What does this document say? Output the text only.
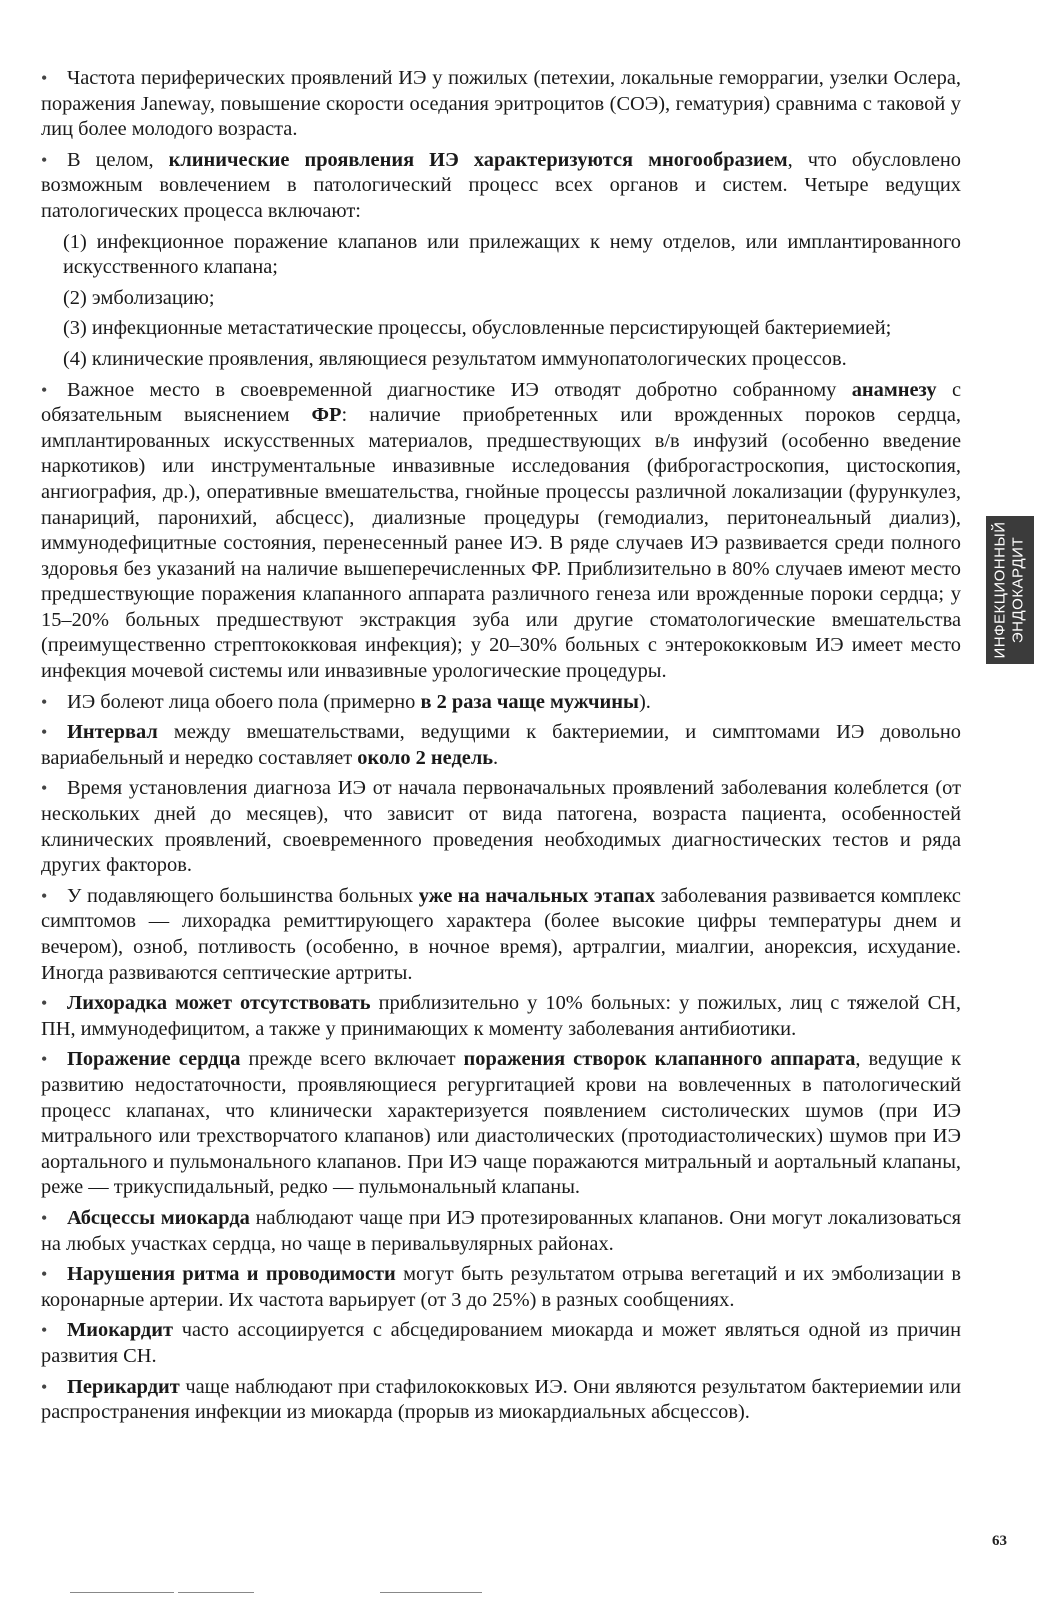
• Частота периферических проявлений ИЭ у пожилых (петехии, локальные геморрагии, узелки Ослера, поражения Janeway, повышение скорости оседания эритроцитов (СОЭ), гематурия) сравнима с таковой у лиц более молодого возраста.

• В целом, клинические проявления ИЭ характеризуются многообразием, что обусловлено возможным вовлечением в патологический процесс всех органов и систем. Четыре ведущих патологических процесса включают:

(1) инфекционное поражение клапанов или прилежащих к нему отделов, или имплантированного искусственного клапана;

(2) эмболизацию;

(3) инфекционные метастатические процессы, обусловленные персистирующей бактериемией;

(4) клинические проявления, являющиеся результатом иммунопатологических процессов.

• Важное место в своевременной диагностике ИЭ отводят добротно собранному анамнезу с обязательным выяснением ФР: наличие приобретенных или врожденных пороков сердца, имплантированных искусственных материалов, предшествующих в/в инфузий (особенно введение наркотиков) или инструментальные инвазивные исследования (фиброгастроскопия, цистоскопия, ангиография, др.), оперативные вмешательства, гнойные процессы различной локализации (фурункулез, панариций, паронихий, абсцесс), диализные процедуры (гемодиализ, перитонеальный диализ), иммунодефицитные состояния, перенесенный ранее ИЭ. В ряде случаев ИЭ развивается среди полного здоровья без указаний на наличие вышеперечисленных ФР. Приблизительно в 80% случаев имеют место предшествующие поражения клапанного аппарата различного генеза или врожденные пороки сердца; у 15–20% больных предшествуют экстракция зуба или другие стоматологические вмешательства (преимущественно стрептококковая инфекция); у 20–30% больных с энтерококковым ИЭ имеет место инфекция мочевой системы или инвазивные урологические процедуры.

• ИЭ болеют лица обоего пола (примерно в 2 раза чаще мужчины).

• Интервал между вмешательствами, ведущими к бактериемии, и симптомами ИЭ довольно вариабельный и нередко составляет около 2 недель.

• Время установления диагноза ИЭ от начала первоначальных проявлений заболевания колеблется (от нескольких дней до месяцев), что зависит от вида патогена, возраста пациента, особенностей клинических проявлений, своевременного проведения необходимых диагностических тестов и ряда других факторов.

• У подавляющего большинства больных уже на начальных этапах заболевания развивается комплекс симптомов — лихорадка ремиттирующего характера (более высокие цифры температуры днем и вечером), озноб, потливость (особенно, в ночное время), артралгии, миалгии, анорексия, исхудание. Иногда развиваются септические артриты.

• Лихорадка может отсутствовать приблизительно у 10% больных: у пожилых, лиц с тяжелой СН, ПН, иммунодефицитом, а также у принимающих к моменту заболевания антибиотики.

• Поражение сердца прежде всего включает поражения створок клапанного аппарата, ведущие к развитию недостаточности, проявляющиеся регургитацией крови на вовлеченных в патологический процесс клапанах, что клинически характеризуется появлением систолических шумов (при ИЭ митрального или трехстворчатого клапанов) или диастолических (протодиастолических) шумов при ИЭ аортального и пульмонального клапанов. При ИЭ чаще поражаются митральный и аортальный клапаны, реже — трикуспидальный, редко — пульмональный клапаны.

• Абсцессы миокарда наблюдают чаще при ИЭ протезированных клапанов. Они могут локализоваться на любых участках сердца, но чаще в перивальвулярных районах.

• Нарушения ритма и проводимости могут быть результатом отрыва вегетаций и их эмболизации в коронарные артерии. Их частота варьирует (от 3 до 25%) в разных сообщениях.

• Миокардит часто ассоциируется с абсцедированием миокарда и может являться одной из причин развития СН.

• Перикардит чаще наблюдают при стафилококковых ИЭ. Они являются результатом бактериемии или распространения инфекции из миокарда (прорыв из миокардиальных абсцессов).

ИНФЕКЦИОННЫЙ ЭНДОКАРДИТ
63
